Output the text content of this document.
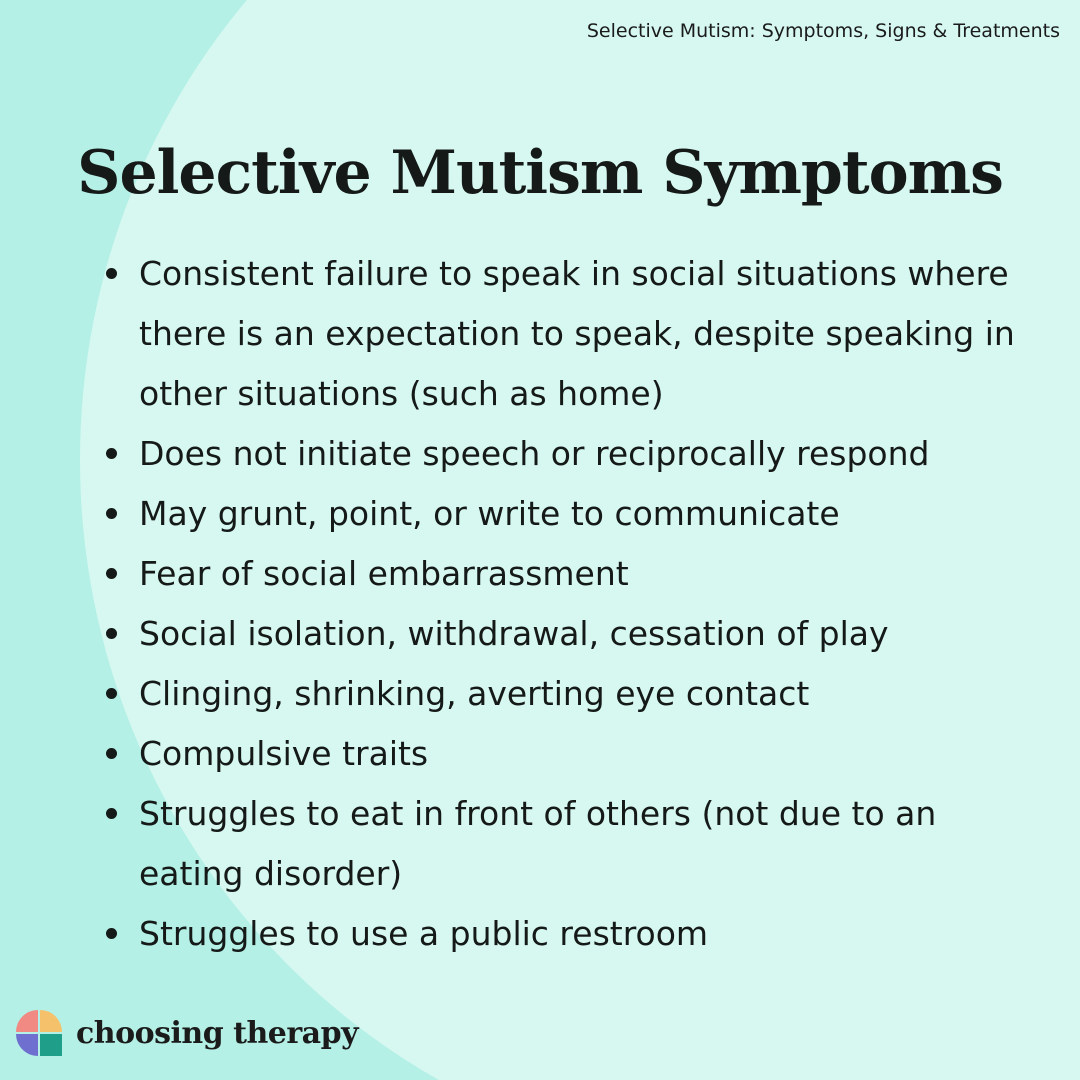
Selective Mutism: Symptoms, Signs & Treatments
Selective Mutism Symptoms
Consistent failure to speak in social situations where there is an expectation to speak, despite speaking in other situations (such as home)
Does not initiate speech or reciprocally respond
May grunt, point, or write to communicate
Fear of social embarrassment
Social isolation, withdrawal, cessation of play
Clinging, shrinking, averting eye contact
Compulsive traits
Struggles to eat in front of others (not due to an eating disorder)
Struggles to use a public restroom
choosing therapy
